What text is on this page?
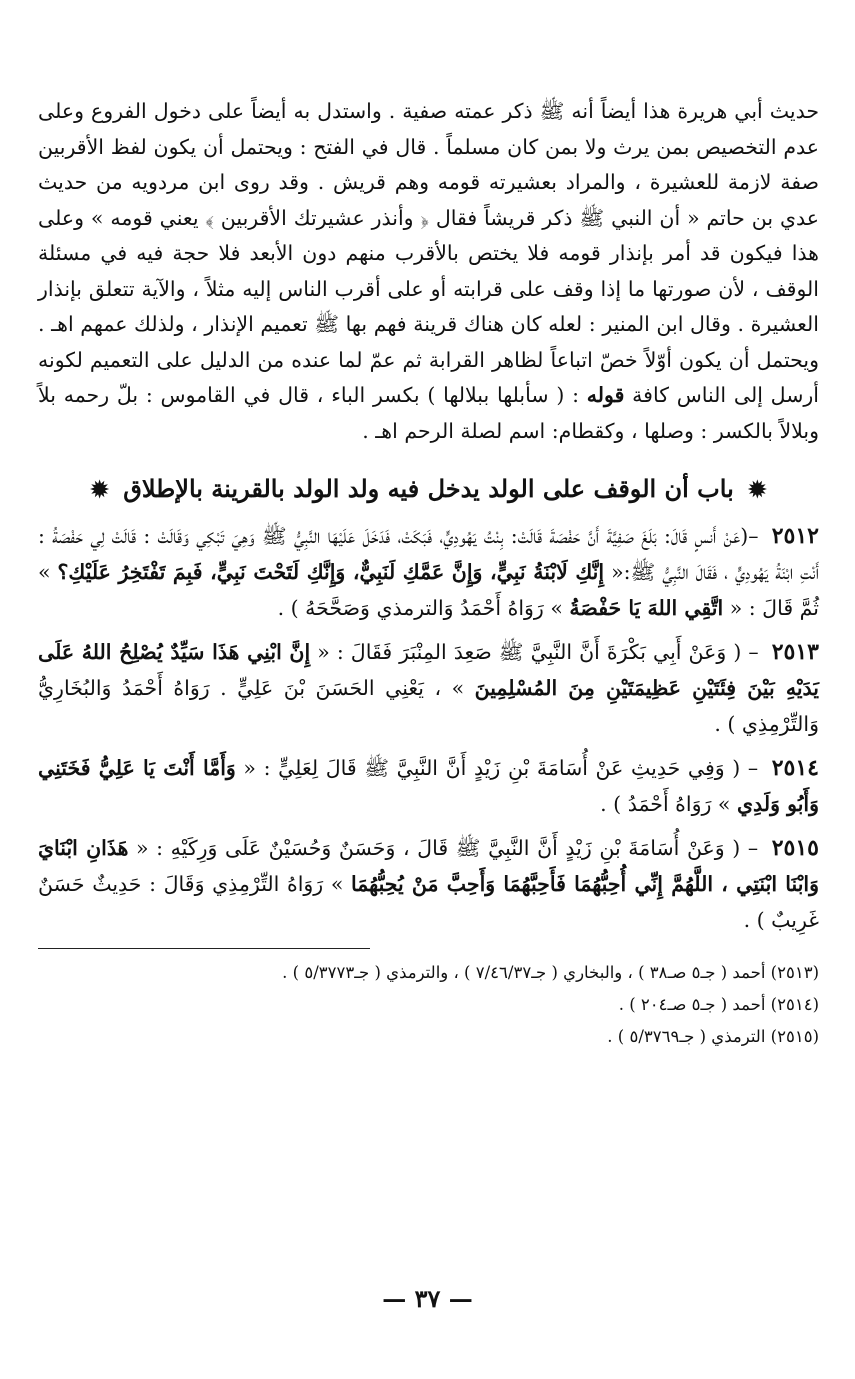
حديث أبي هريرة هذا أيضاً أنه ﷺ ذكر عمته صفية . واستدل به أيضاً على دخول الفروع وعلى عدم التخصيص بمن يرث ولا بمن كان مسلماً . قال في الفتح : ويحتمل أن يكون لفظ الأقربين صفة لازمة للعشيرة ، والمراد بعشيرته قومه وهم قريش . وقد روى ابن مردويه من حديث عدي بن حاتم « أن النبي ﷺ ذكر قريشاً فقال ﴿ وأنذر عشيرتك الأقربين ﴾ يعني قومه » وعلى هذا فيكون قد أمر بإنذار قومه فلا يختص بالأقرب منهم دون الأبعد فلا حجة فيه في مسئلة الوقف ، لأن صورتها ما إذا وقف على قرابته أو على أقرب الناس إليه مثلاً ، والآية تتعلق بإنذار العشيرة . وقال ابن المنير : لعله كان هناك قرينة فهم بها ﷺ تعميم الإنذار ، ولذلك عمهم اهـ . ويحتمل أن يكون أوّلاً خصّ اتباعاً لظاهر القرابة ثم عمّ لما عنده من الدليل على التعميم لكونه أرسل إلى الناس كافة قوله : ( سأبلها ببلالها ) بكسر الباء ، قال في القاموس : بلّ رحمه بلاً وبلالاً بالكسر : وصلها ، وكقطام: اسم لصلة الرحم اهـ .

✹ باب أن الوقف على الولد يدخل فيه ولد الولد بالقرينة بالإطلاق ✹

٢٥١٢ –(عَنْ أَنسٍ قَالَ: بَلَغَ صَفِيَّةَ أَنَّ حَفْصَةَ قَالَتْ: بِنْتُ يَهُودِيٍّ، فَبَكَتْ، فَدَخَلَ عَلَيْهَا النَّبِيُّ ﷺ وَهِيَ تَبْكِي وَقَالَتْ : قَالَتْ لِي حَفْصَةُ : أَنْتِ ابْنَةُ يَهُودِيٍّ ، فَقَالَ النَّبِيُّ ﷺ:« إِنَّكِ لَابْنَةُ نَبِيٍّ، وَإِنَّ عَمَّكِ لَنَبِيٌّ، وَإِنَّكِ لَتَحْتَ نَبِيٍّ، فَبِمَ تَفْتَخِرُ عَلَيْكِ؟ » ثُمَّ قَالَ : « اتَّقِي اللهَ يَا حَفْصَةُ » رَوَاهُ أَحْمَدُ وَالترمذي وَصَحَّحَهُ ) .

٢٥١٣ – ( وَعَنْ أَبِي بَكْرَةَ أَنَّ النَّبِيَّ ﷺ صَعِدَ المِنْبَرَ فَقَالَ : « إِنَّ ابْنِي هَذَا سَيِّدٌ يُصْلِحُ اللهُ عَلَى يَدَيْهِ بَيْنَ فِئَتَيْنِ عَظِيمَتَيْنِ مِنَ المُسْلِمِينَ » ، يَعْنِي الحَسَنَ بْنَ عَلِيٍّ . رَوَاهُ أَحْمَدُ وَالبُخَارِيُّ وَالتِّرْمِذِي ) .

٢٥١٤ – ( وَفِي حَدِيثِ عَنْ أُسَامَةَ بْنِ زَيْدٍ أَنَّ النَّبِيَّ ﷺ قَالَ لِعَلِيٍّ : « وَأَمَّا أَنْتَ يَا عَلِيُّ فَخَتَنِي وَأَبُو وَلَدِي » رَوَاهُ أَحْمَدُ ) .

٢٥١٥ – ( وَعَنْ أُسَامَةَ بْنِ زَيْدٍ أَنَّ النَّبِيَّ ﷺ قَالَ ، وَحَسَنٌ وَحُسَيْنٌ عَلَى وَرِكَيْهِ : « هَذَانِ ابْنَايَ وَابْنَا ابْنَتِي ، اللَّهُمَّ إِنِّي أُحِبُّهُمَا فَأَحِبَّهُمَا وَأَحِبَّ مَنْ يُحِبُّهُمَا » رَوَاهُ التِّرْمِذِي وَقَالَ : حَدِيثٌ حَسَنٌ غَرِيبٌ ) .

(٢٥١٣) أحمد ( جـ٥ صـ٣٨ ) ، والبخاري ( جـ٧/٤٦/٣٧ ) ، والترمذي ( جـ٥/٣٧٧٣ ) .

(٢٥١٤) أحمد ( جـ٥ صـ٢٠٤ ) .

(٢٥١٥) الترمذي ( جـ٥/٣٧٦٩ ) .

— ٣٧ —
